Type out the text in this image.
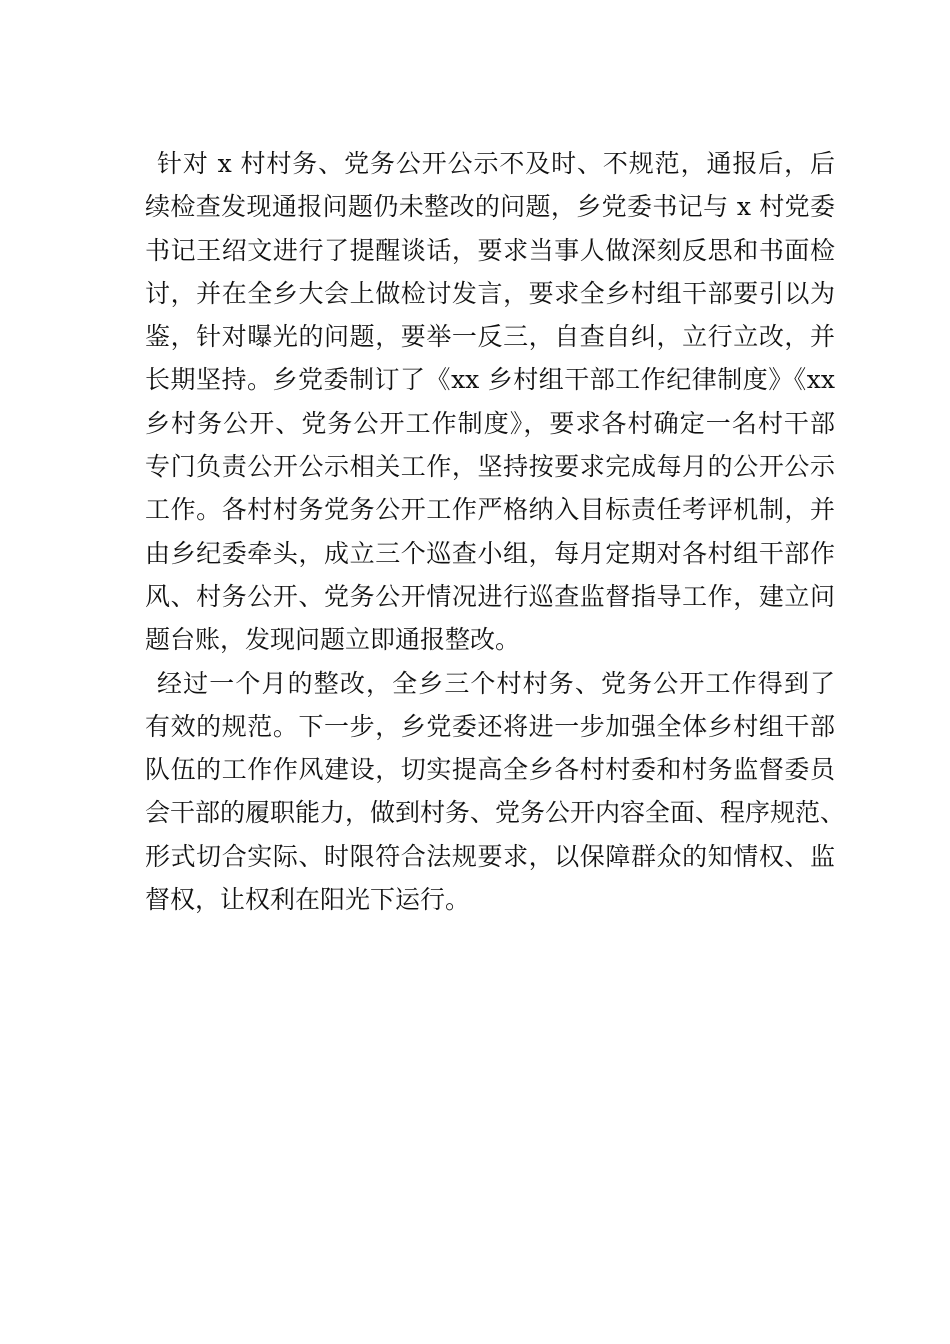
针对 x 村村务、党务公开公示不及时、不规范，通报后，后
续检查发现通报问题仍未整改的问题，乡党委书记与 x 村党委
书记王绍文进行了提醒谈话，要求当事人做深刻反思和书面检
讨，并在全乡大会上做检讨发言，要求全乡村组干部要引以为
鉴，针对曝光的问题，要举一反三，自查自纠，立行立改，并
长期坚持。乡党委制订了《xx 乡村组干部工作纪律制度》《xx
乡村务公开、党务公开工作制度》，要求各村确定一名村干部
专门负责公开公示相关工作，坚持按要求完成每月的公开公示
工作。各村村务党务公开工作严格纳入目标责任考评机制，并
由乡纪委牵头，成立三个巡查小组，每月定期对各村组干部作
风、村务公开、党务公开情况进行巡查监督指导工作，建立问
题台账，发现问题立即通报整改。
经过一个月的整改，全乡三个村村务、党务公开工作得到了
有效的规范。下一步，乡党委还将进一步加强全体乡村组干部
队伍的工作作风建设，切实提高全乡各村村委和村务监督委员
会干部的履职能力，做到村务、党务公开内容全面、程序规范、
形式切合实际、时限符合法规要求，以保障群众的知情权、监
督权，让权利在阳光下运行。
